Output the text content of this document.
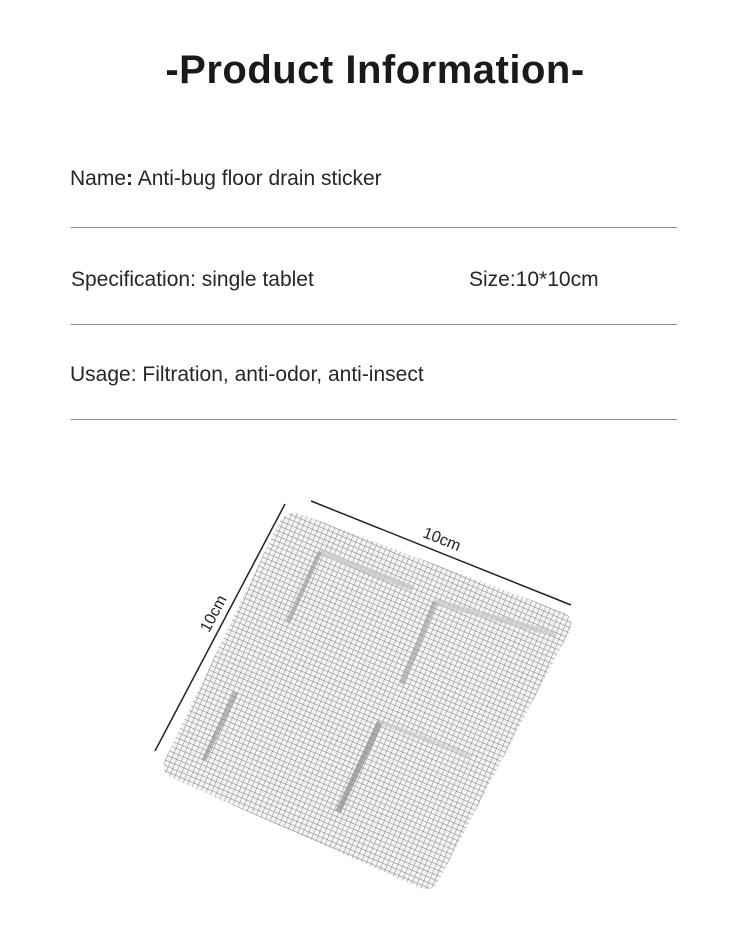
-Product Information-
Name: Anti-bug floor drain sticker
Specification: single tablet	Size:10*10cm
Usage: Filtration, anti-odor, anti-insect
10cm
10cm
